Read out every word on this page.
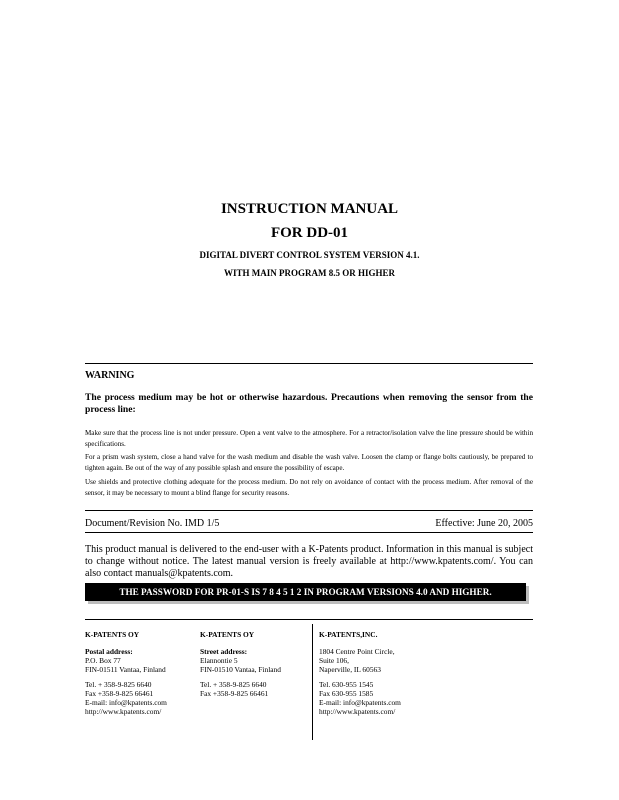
INSTRUCTION MANUAL
FOR DD-01
DIGITAL DIVERT CONTROL SYSTEM VERSION 4.1.
WITH MAIN PROGRAM 8.5 OR HIGHER
WARNING
The process medium may be hot or otherwise hazardous. Precautions when removing the sensor from the process line:
Make sure that the process line is not under pressure. Open a vent valve to the atmosphere. For a retractor/isolation valve the line pressure should be within specifications.
For a prism wash system, close a hand valve for the wash medium and disable the wash valve. Loosen the clamp or flange bolts cautiously, be prepared to tighten again. Be out of the way of any possible splash and ensure the possibility of escape.
Use shields and protective clothing adequate for the process medium. Do not rely on avoidance of contact with the process medium. After removal of the sensor, it may be necessary to mount a blind flange for security reasons.
Document/Revision No. IMD 1/5	Effective: June 20, 2005
This product manual is delivered to the end-user with a K-Patents product. Information in this manual is subject to change without notice. The latest manual version is freely available at http://www.kpatents.com/. You can also contact manuals@kpatents.com.
THE PASSWORD FOR PR-01-S IS 7 8 4 5 1 2 IN PROGRAM VERSIONS 4.0 AND HIGHER.
K-PATENTS OY
Postal address:
P.O. Box 77
FIN-01511 Vantaa, Finland
Tel. + 358-9-825 6640
Fax +358-9-825 66461
E-mail: info@kpatents.com
http://www.kpatents.com/
K-PATENTS OY
Street address:
Elannontie 5
FIN-01510 Vantaa, Finland
Tel. + 358-9-825 6640
Fax +358-9-825 66461
K-PATENTS,INC.
1804 Centre Point Circle,
Suite 106,
Naperville, IL 60563
Tel. 630-955 1545
Fax 630-955 1585
E-mail: info@kpatents.com
http://www.kpatents.com/
